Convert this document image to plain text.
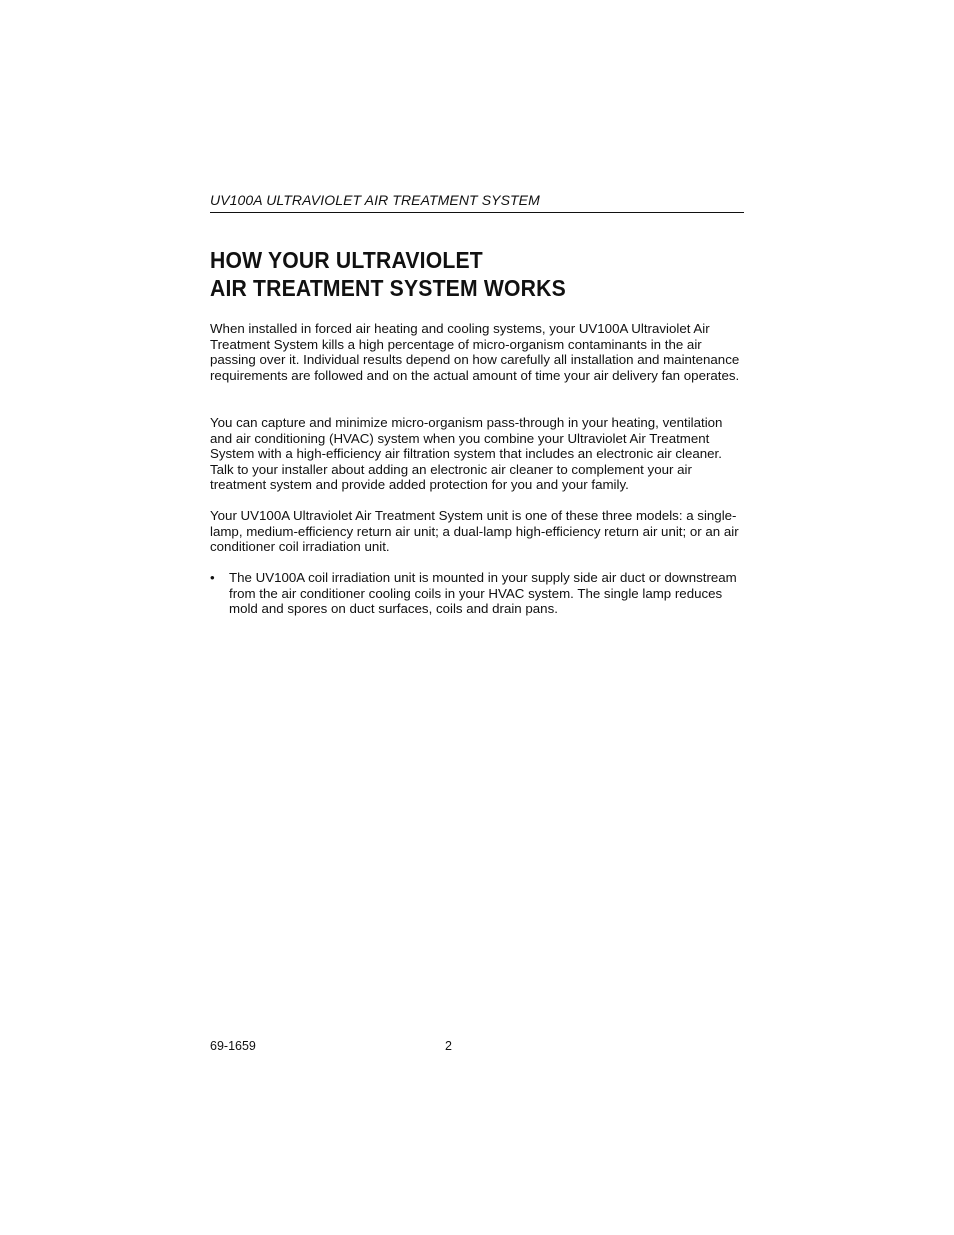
UV100A ULTRAVIOLET AIR TREATMENT SYSTEM
HOW YOUR ULTRAVIOLET
AIR TREATMENT SYSTEM WORKS

When installed in forced air heating and cooling systems, your UV100A Ultraviolet Air Treatment System kills a high percentage of micro-organism contaminants in the air passing over it. Individual results depend on how carefully all installation and maintenance requirements are followed and on the actual amount of time your air delivery fan operates.

You can capture and minimize micro-organism pass-through in your heating, ventilation and air conditioning (HVAC) system when you combine your Ultraviolet Air Treatment System with a high-efficiency air filtration system that includes an electronic air cleaner. Talk to your installer about adding an electronic air cleaner to complement your air treatment system and provide added protection for you and your family.

Your UV100A Ultraviolet Air Treatment System unit is one of these three models: a single-lamp, medium-efficiency return air unit; a dual-lamp high-efficiency return air unit; or an air conditioner coil irradiation unit.

• The UV100A coil irradiation unit is mounted in your supply side air duct or downstream from the air conditioner cooling coils in your HVAC system. The single lamp reduces mold and spores on duct surfaces, coils and drain pans.
69-1659	2
